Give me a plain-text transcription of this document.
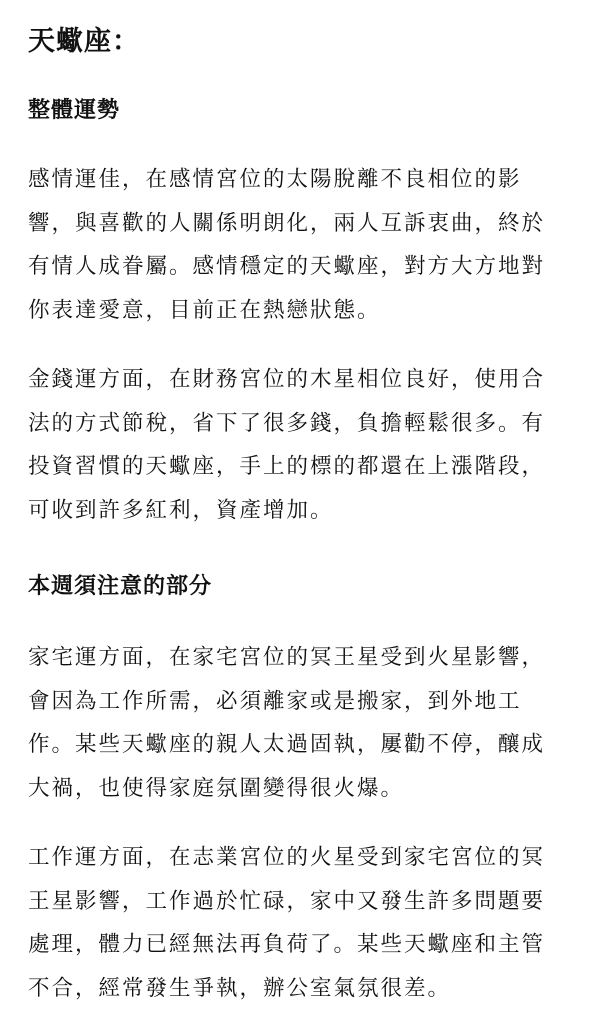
天蠍座：
整體運勢

感情運佳，在感情宮位的太陽脫離不良相位的影
響，與喜歡的人關係明朗化，兩人互訴衷曲，終於
有情人成眷屬。感情穩定的天蠍座，對方大方地對
你表達愛意，目前正在熱戀狀態。

金錢運方面，在財務宮位的木星相位良好，使用合
法的方式節稅，省下了很多錢，負擔輕鬆很多。有
投資習慣的天蠍座，手上的標的都還在上漲階段，
可收到許多紅利，資產增加。

本週須注意的部分

家宅運方面，在家宅宮位的冥王星受到火星影響，
會因為工作所需，必須離家或是搬家，到外地工
作。某些天蠍座的親人太過固執，屢勸不停，釀成
大禍，也使得家庭氛圍變得很火爆。

工作運方面，在志業宮位的火星受到家宅宮位的冥
王星影響，工作過於忙碌，家中又發生許多問題要
處理，體力已經無法再負荷了。某些天蠍座和主管
不合，經常發生爭執，辦公室氣氛很差。
